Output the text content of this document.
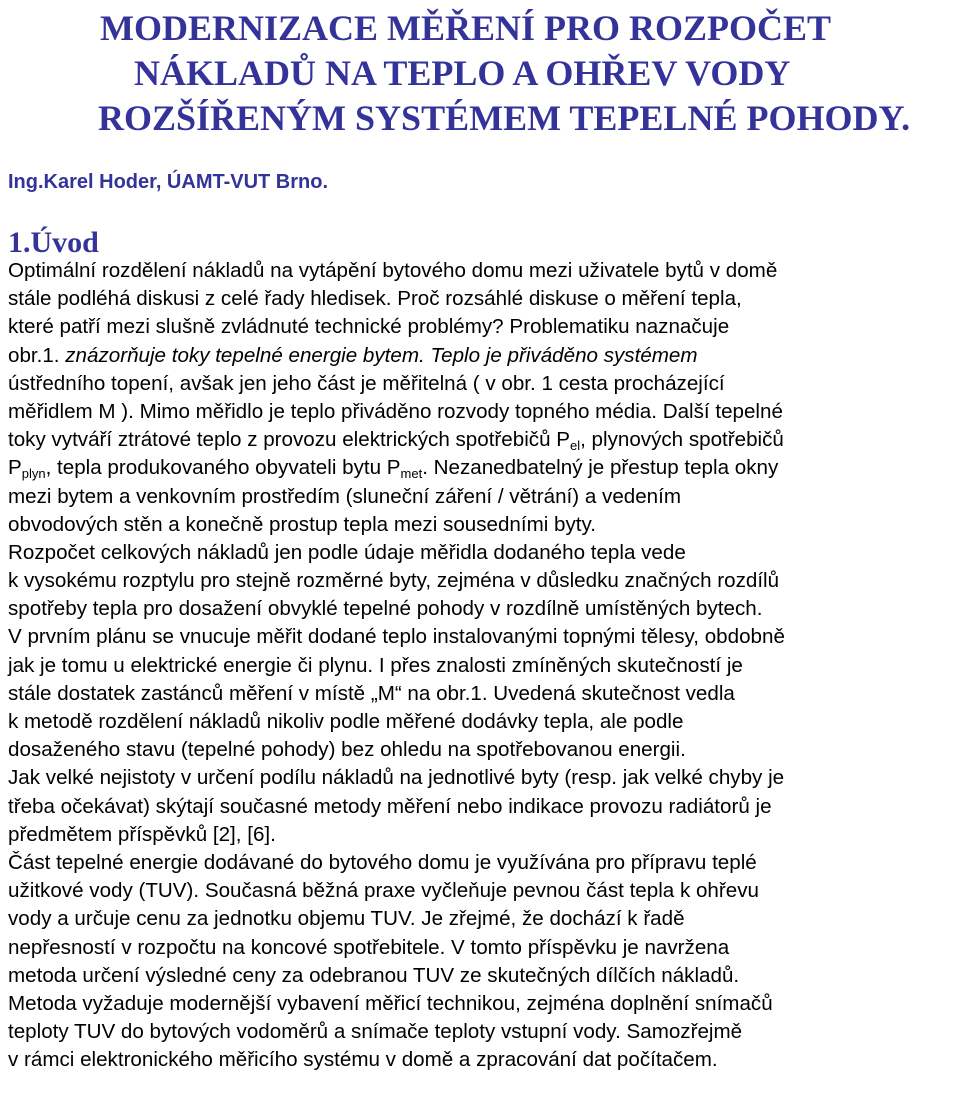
MODERNIZACE MĚŘENÍ PRO ROZPOČET
NÁKLADŮ NA TEPLO A OHŘEV VODY
ROZŠÍŘENÝM SYSTÉMEM TEPELNÉ POHODY.
Ing.Karel Hoder, ÚAMT-VUT Brno.
1.Úvod
Optimální rozdělení nákladů na vytápění bytového domu mezi uživatele bytů v domě
stále podléhá diskusi z celé řady hledisek. Proč rozsáhlé diskuse o měření tepla,
které patří mezi slušně zvládnuté technické problémy? Problematiku naznačuje
obr.1. znázorňuje toky tepelné energie bytem. Teplo je přiváděno systémem
ústředního topení, avšak jen jeho část je měřitelná ( v obr. 1 cesta procházející
měřidlem M ). Mimo měřidlo je teplo přiváděno rozvody topného média. Další tepelné
toky vytváří ztrátové teplo z provozu elektrických spotřebičů $P_{el}$, plynových spotřebičů
$P_{plyn}$, tepla produkovaného obyvateli bytu $P_{met}$. Nezanedbatelný je přestup tepla okny
mezi bytem a venkovním prostředím (sluneční záření / větrání) a vedením
obvodových stěn a konečně prostup tepla mezi sousedními byty.
Rozpočet celkových nákladů jen podle údaje měřidla dodaného tepla vede
k vysokému rozptylu pro stejně rozměrné byty, zejména v důsledku značných rozdílů
spotřeby tepla pro dosažení obvyklé tepelné pohody v rozdílně umístěných bytech.
V prvním plánu se vnucuje měřit dodané teplo instalovanými topnými tělesy, obdobně
jak je tomu u elektrické energie či plynu. I přes znalosti zmíněných skutečností je
stále dostatek zastánců měření v místě „M“ na obr.1. Uvedená skutečnost vedla
k metodě rozdělení nákladů nikoliv podle měřené dodávky tepla, ale podle
dosaženého stavu (tepelné pohody) bez ohledu na spotřebovanou energii.
Jak velké nejistoty v určení podílu nákladů na jednotlivé byty (resp. jak velké chyby je
třeba očekávat) skýtají současné metody měření nebo indikace provozu radiátorů je
předmětem příspěvků [2], [6].
Část tepelné energie dodávané do bytového domu je využívána pro přípravu teplé
užitkové vody (TUV). Současná běžná praxe vyčleňuje pevnou část tepla k ohřevu
vody a určuje cenu za jednotku objemu TUV. Je zřejmé, že dochází k řadě
nepřesností v rozpočtu na koncové spotřebitele. V tomto příspěvku je navržena
metoda určení výsledné ceny za odebranou TUV ze skutečných dílčích nákladů.
Metoda vyžaduje modernější vybavení měřicí technikou, zejména doplnění snímačů
teploty TUV do bytových vodoměrů a snímače teploty vstupní vody. Samozřejmě
v rámci elektronického měřicího systému v domě a zpracování dat počítačem.
